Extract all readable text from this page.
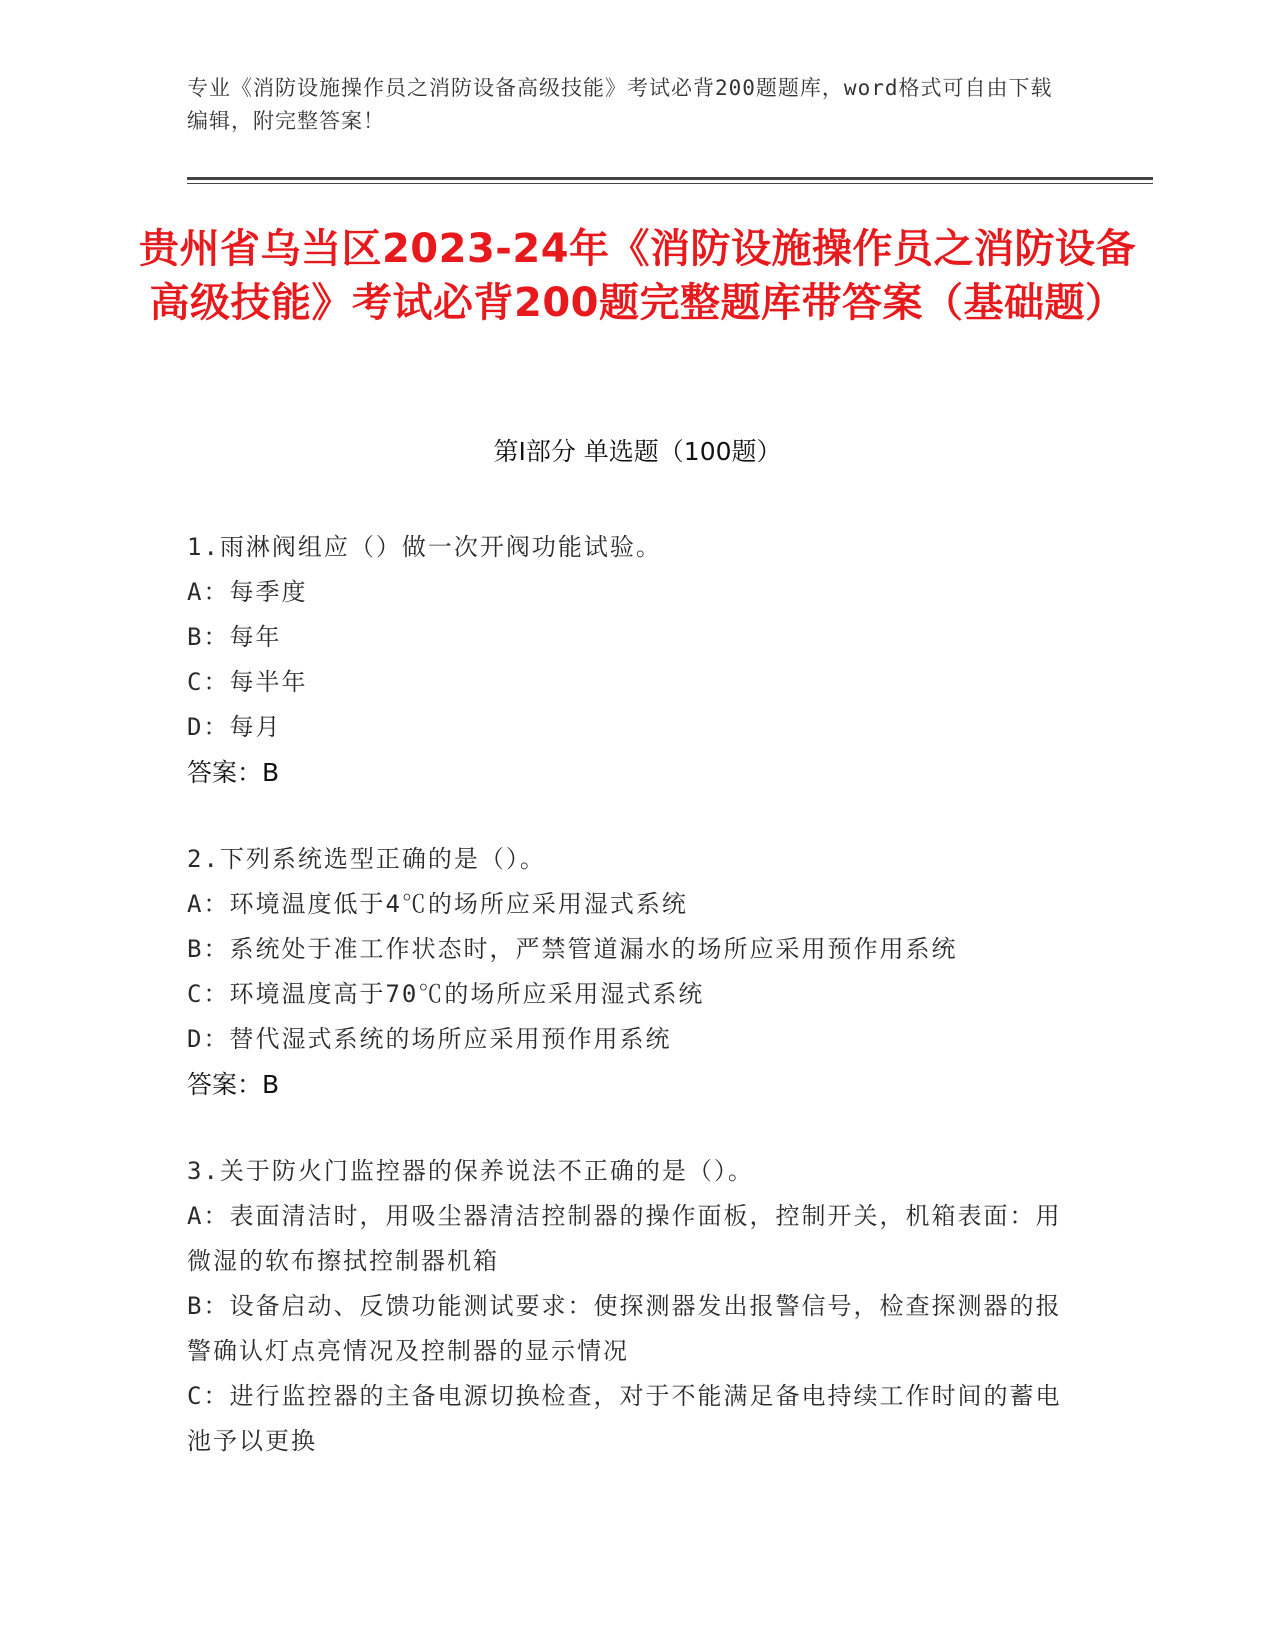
专业《消防设施操作员之消防设备高级技能》考试必背200题题库，word格式可自由下载编辑，附完整答案！
贵州省乌当区2023-24年《消防设施操作员之消防设备高级技能》考试必背200题完整题库带答案（基础题）
第I部分 单选题（100题）

1.雨淋阀组应（）做一次开阀功能试验。

A：每季度

B：每年

C：每半年

D：每月

答案：B

2.下列系统选型正确的是（）。

A：环境温度低于4℃的场所应采用湿式系统

B：系统处于准工作状态时，严禁管道漏水的场所应采用预作用系统

C：环境温度高于70℃的场所应采用湿式系统

D：替代湿式系统的场所应采用预作用系统

答案：B

3.关于防火门监控器的保养说法不正确的是（）。

A：表面清洁时，用吸尘器清洁控制器的操作面板，控制开关，机箱表面：用微湿的软布擦拭控制器机箱

B：设备启动、反馈功能测试要求：使探测器发出报警信号，检查探测器的报警确认灯点亮情况及控制器的显示情况

C：进行监控器的主备电源切换检查，对于不能满足备电持续工作时间的蓄电池予以更换
